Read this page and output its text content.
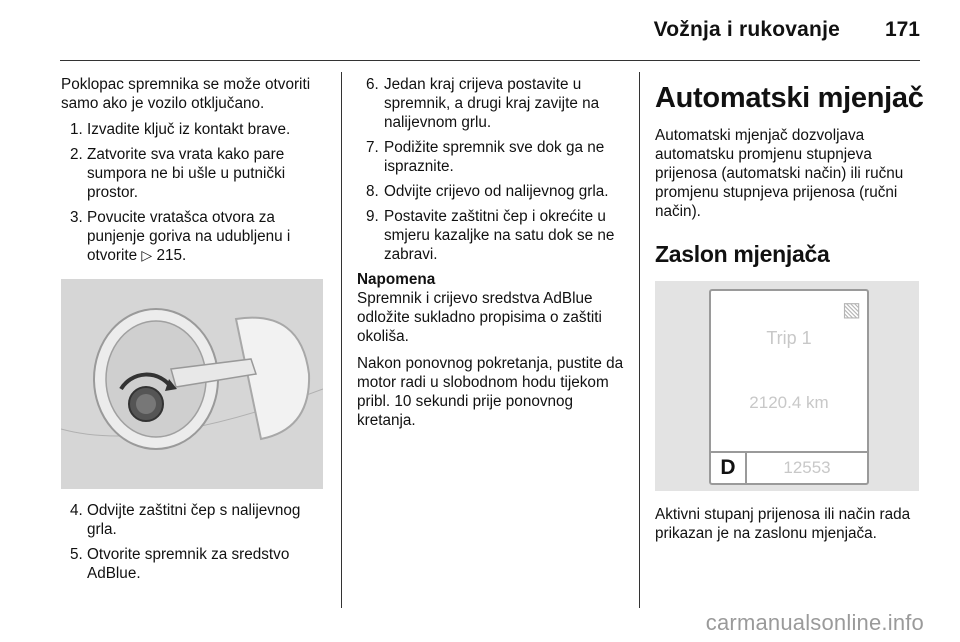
Vožnja i rukovanje 171

Poklopac spremnika se može otvoriti samo ako je vozilo otključano.

1. Izvadite ključ iz kontakt brave.
2. Zatvorite sva vrata kako pare sumpora ne bi ušle u putnički prostor.
3. Povucite vratašca otvora za punjenje goriva na udubljenu i otvorite ▷ 215.
4. Odvijte zaštitni čep s nalijevnog grla.
5. Otvorite spremnik za sredstvo AdBlue.
6. Jedan kraj crijeva postavite u spremnik, a drugi kraj zavijte na nalijevnom grlu.
7. Podižite spremnik sve dok ga ne ispraznite.
8. Odvijte crijevo od nalijevnog grla.
9. Postavite zaštitni čep i okrećite u smjeru kazaljke na satu dok se ne zabravi.

Napomena

Spremnik i crijevo sredstva AdBlue odložite sukladno propisima o zaštiti okoliša.

Nakon ponovnog pokretanja, pustite da motor radi u slobodnom hodu tijekom pribl. 10 sekundi prije ponovnog kretanja.

Automatski mjenjač

Automatski mjenjač dozvoljava automatsku promjenu stupnjeva prijenosa (automatski način) ili ručnu promjenu stupnjeva prijenosa (ručni način).

Zaslon mjenjača
▧
Trip 1
2120.4 km
D	12553

Aktivni stupanj prijenosa ili način rada prikazan je na zaslonu mjenjača.

carmanualsonline.info
